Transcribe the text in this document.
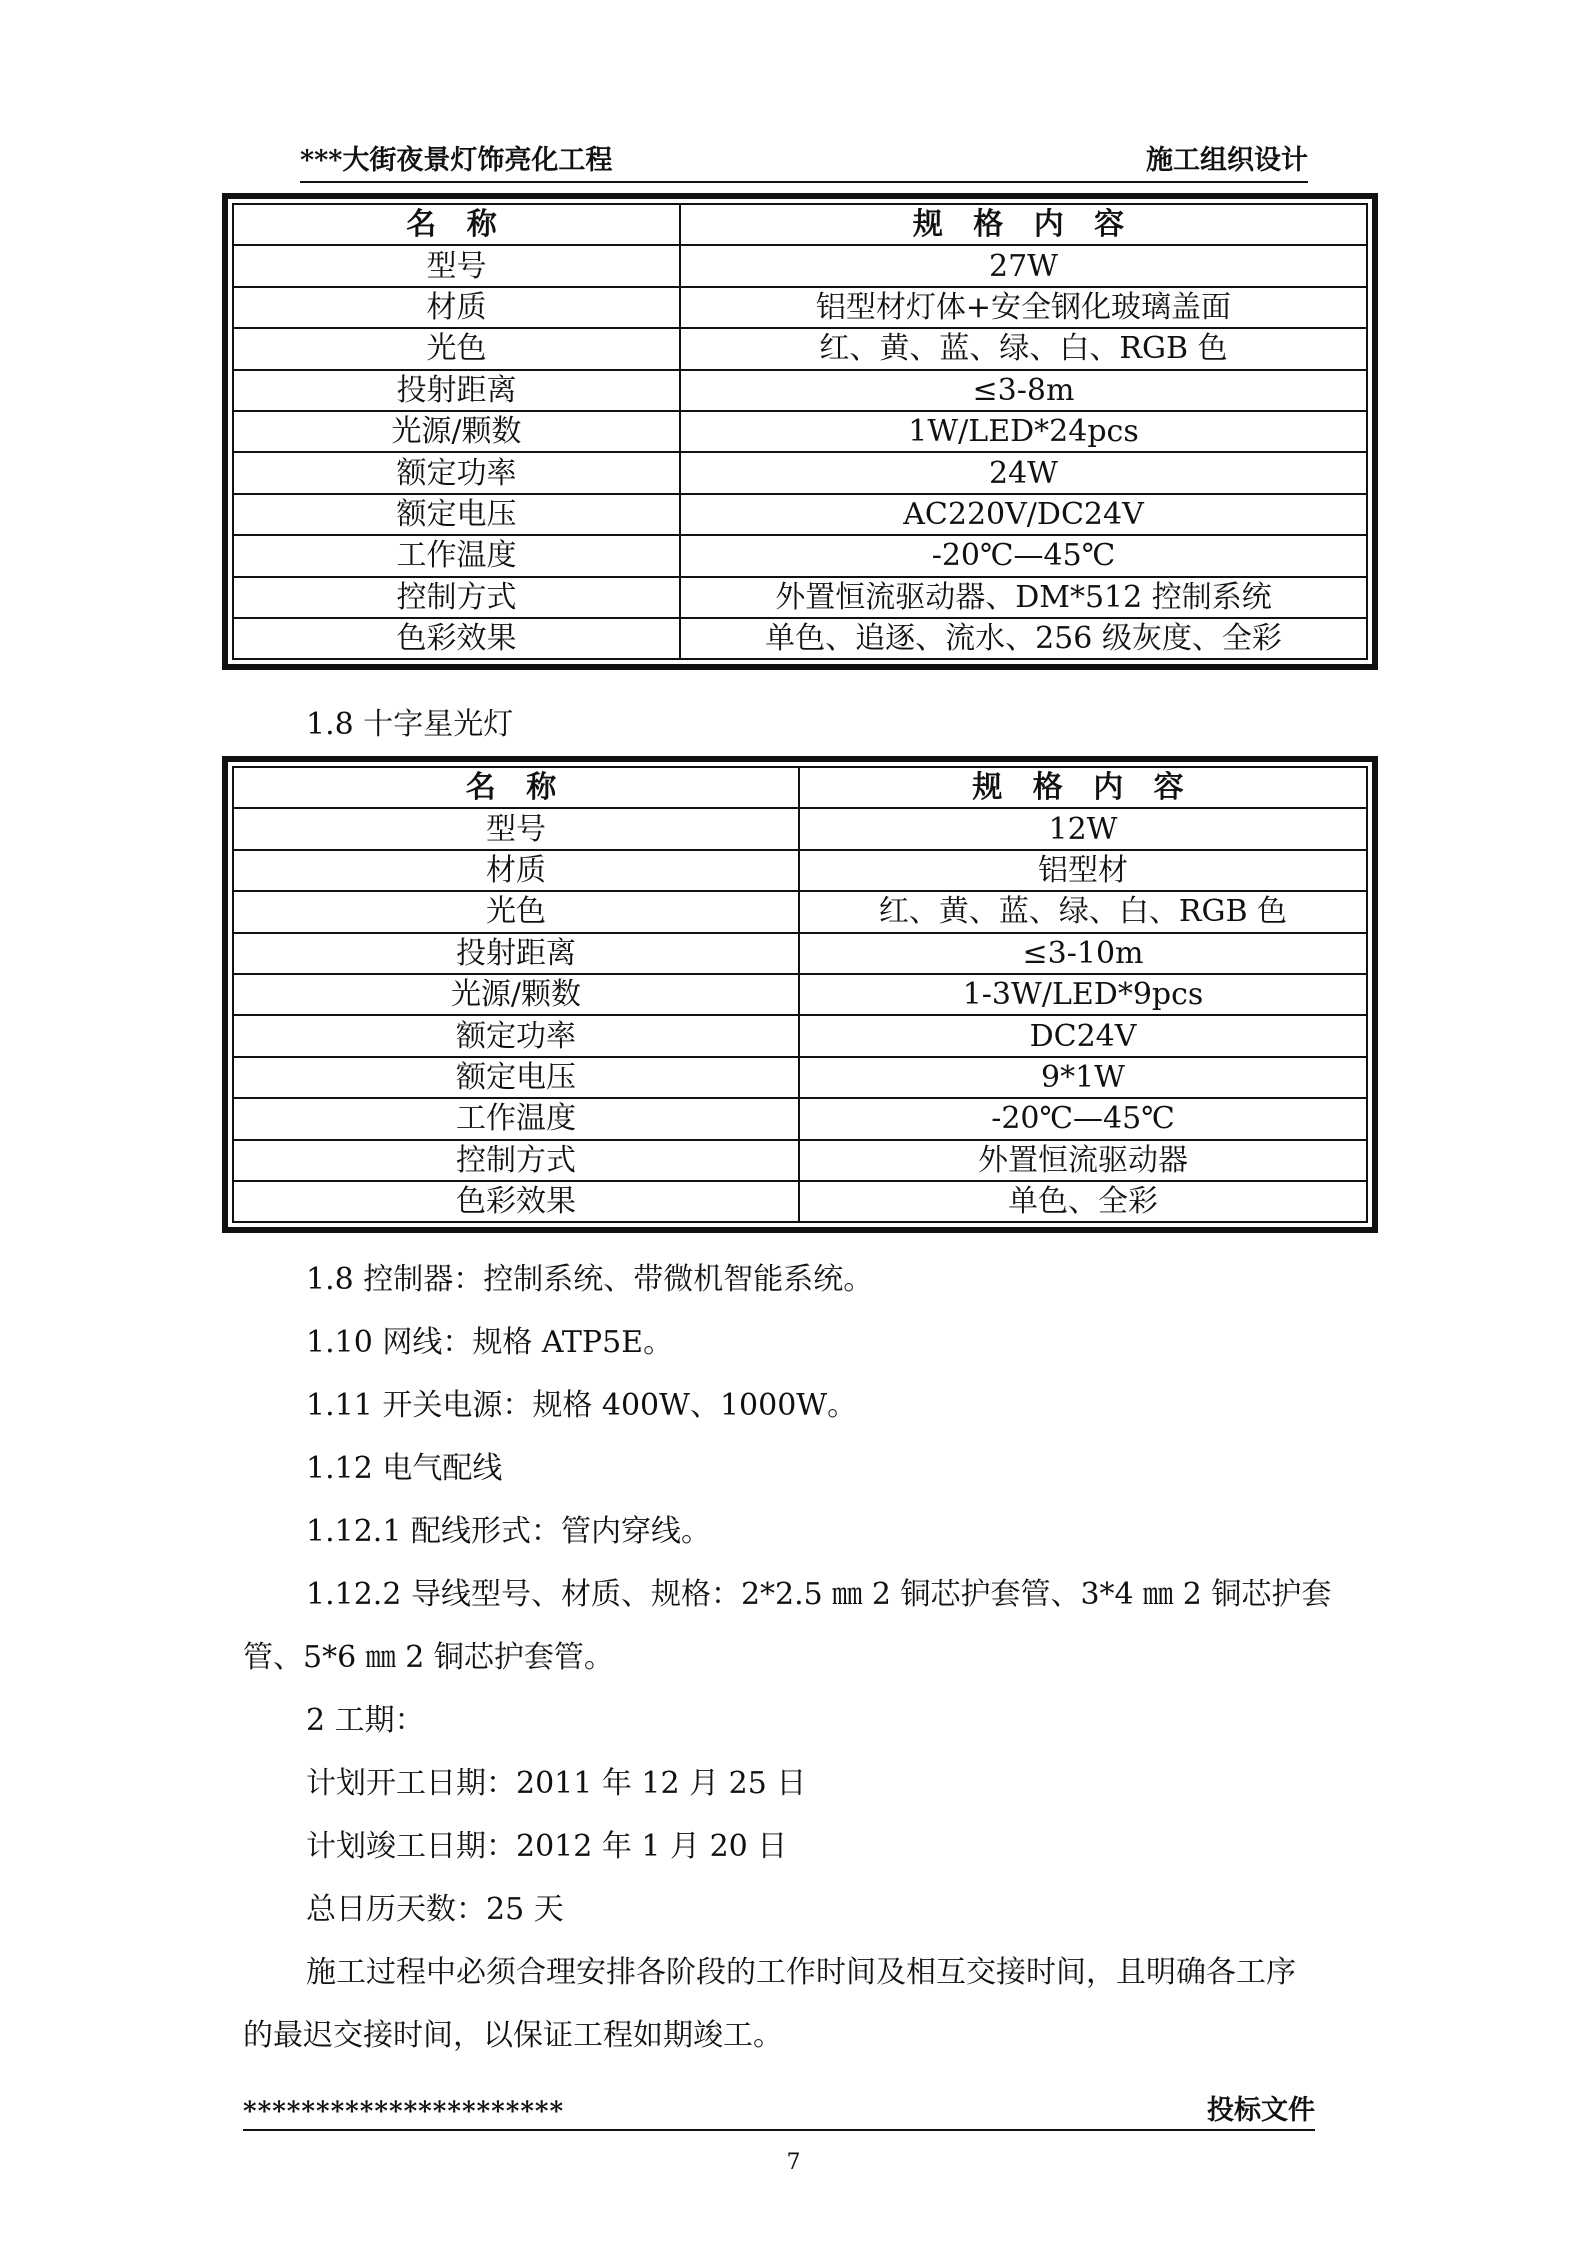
***大街夜景灯饰亮化工程	施工组织设计
名 称	规 格 内 容
型号	27W
材质	铝型材灯体+安全钢化玻璃盖面
光色	红、黄、蓝、绿、白、RGB 色
投射距离	≤3-8m
光源/颗数	1W/LED*24pcs
额定功率	24W
额定电压	AC220V/DC24V
工作温度	-20℃—45℃
控制方式	外置恒流驱动器、DM*512 控制系统
色彩效果	单色、追逐、流水、256 级灰度、全彩
1.8 十字星光灯
名 称	规 格 内 容
型号	12W
材质	铝型材
光色	红、黄、蓝、绿、白、RGB 色
投射距离	≤3-10m
光源/颗数	1-3W/LED*9pcs
额定功率	DC24V
额定电压	9*1W
工作温度	-20℃—45℃
控制方式	外置恒流驱动器
色彩效果	单色、全彩
1.8 控制器：控制系统、带微机智能系统。
1.10 网线：规格 ATP5E。
1.11 开关电源：规格 400W、1000W。
1.12 电气配线
1.12.1 配线形式：管内穿线。
1.12.2 导线型号、材质、规格：2*2.5 ㎜ 2 铜芯护套管、3*4 ㎜ 2 铜芯护套
管、5*6 ㎜ 2 铜芯护套管。
2 工期：
计划开工日期：2011 年 12 月 25 日
计划竣工日期：2012 年 1 月 20 日
总日历天数：25 天
施工过程中必须合理安排各阶段的工作时间及相互交接时间，且明确各工序
的最迟交接时间，以保证工程如期竣工。
**********************	投标文件
7
